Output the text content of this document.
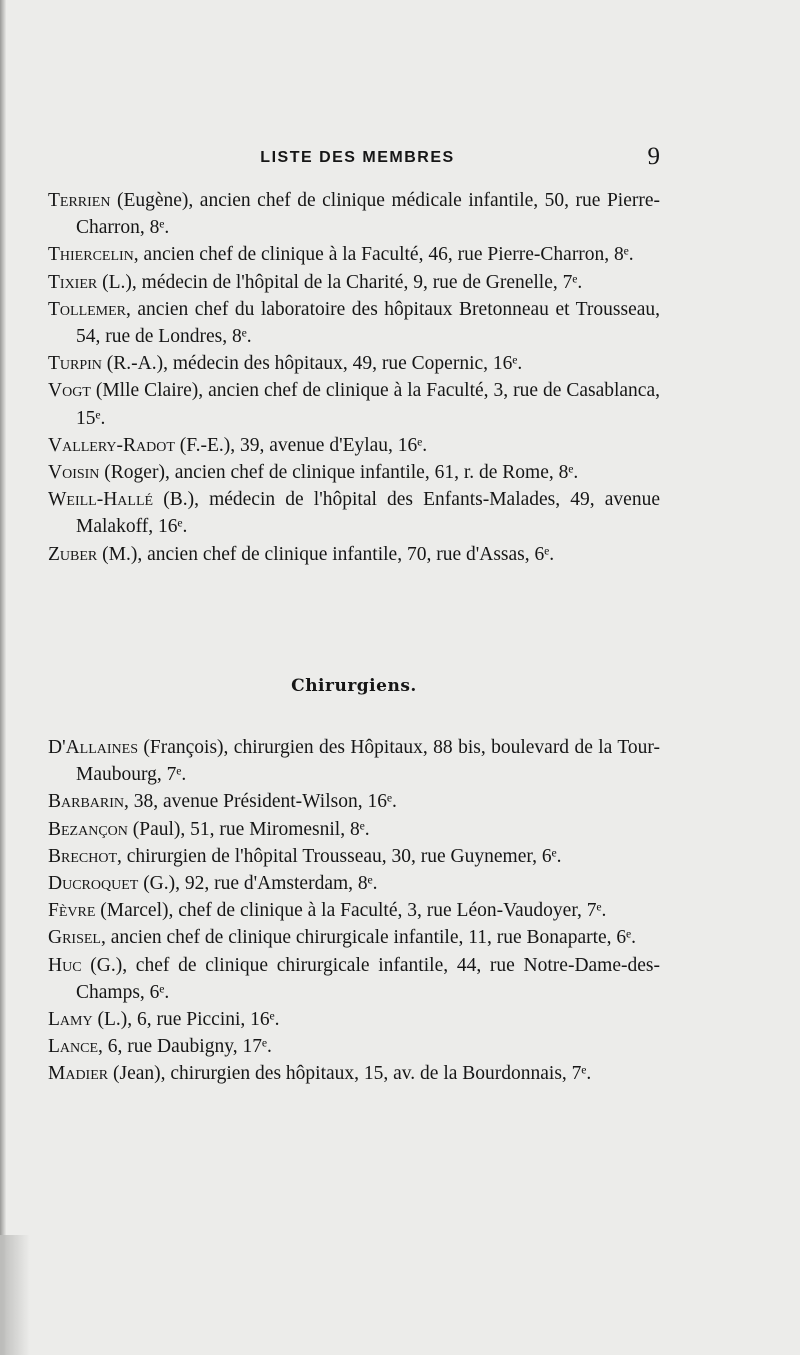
LISTE DES MEMBRES	9

Terrien (Eugène), ancien chef de clinique médicale infantile, 50, rue Pierre-Charron, 8ᵉ.

Thiercelin, ancien chef de clinique à la Faculté, 46, rue Pierre-Charron, 8ᵉ.

Tixier (L.), médecin de l'hôpital de la Charité, 9, rue de Grenelle, 7ᵉ.

Tollemer, ancien chef du laboratoire des hôpitaux Bretonneau et Trousseau, 54, rue de Londres, 8ᵉ.

Turpin (R.-A.), médecin des hôpitaux, 49, rue Copernic, 16ᵉ.

Vogt (Mlle Claire), ancien chef de clinique à la Faculté, 3, rue de Casablanca, 15ᵉ.

Vallery-Radot (F.-E.), 39, avenue d'Eylau, 16ᵉ.

Voisin (Roger), ancien chef de clinique infantile, 61, r. de Rome, 8ᵉ.

Weill-Hallé (B.), médecin de l'hôpital des Enfants-Malades, 49, avenue Malakoff, 16ᵉ.

Zuber (M.), ancien chef de clinique infantile, 70, rue d'Assas, 6ᵉ.

Chirurgiens.

D'Allaines (François), chirurgien des Hôpitaux, 88 bis, boulevard de la Tour-Maubourg, 7ᵉ.

Barbarin, 38, avenue Président-Wilson, 16ᵉ.

Bezançon (Paul), 51, rue Miromesnil, 8ᵉ.

Brechot, chirurgien de l'hôpital Trousseau, 30, rue Guynemer, 6ᵉ.

Ducroquet (G.), 92, rue d'Amsterdam, 8ᵉ.

Fèvre (Marcel), chef de clinique à la Faculté, 3, rue Léon-Vaudoyer, 7ᵉ.

Grisel, ancien chef de clinique chirurgicale infantile, 11, rue Bonaparte, 6ᵉ.

Huc (G.), chef de clinique chirurgicale infantile, 44, rue Notre-Dame-des-Champs, 6ᵉ.

Lamy (L.), 6, rue Piccini, 16ᵉ.

Lance, 6, rue Daubigny, 17ᵉ.

Madier (Jean), chirurgien des hôpitaux, 15, av. de la Bourdonnais, 7ᵉ.
